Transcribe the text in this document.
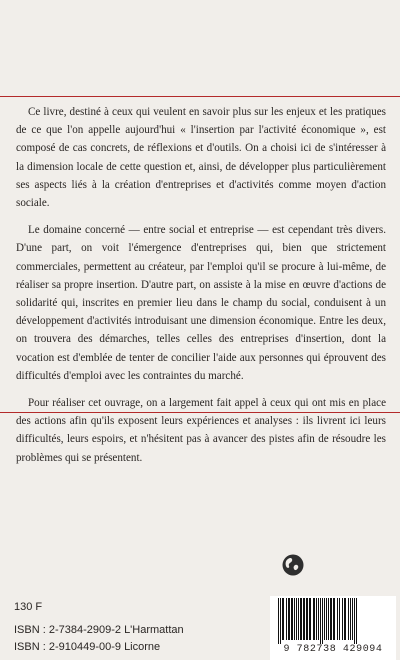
Ce livre, destiné à ceux qui veulent en savoir plus sur les enjeux et les pratiques de ce que l'on appelle aujourd'hui « l'insertion par l'activité économique », est composé de cas concrets, de réflexions et d'outils. On a choisi ici de s'intéresser à la dimension locale de cette question et, ainsi, de développer plus particulièrement ses aspects liés à la création d'entreprises et d'activités comme moyen d'action sociale.

Le domaine concerné — entre social et entreprise — est cependant très divers. D'une part, on voit l'émergence d'entreprises qui, bien que strictement commerciales, permettent au créateur, par l'emploi qu'il se procure à lui-même, de réaliser sa propre insertion. D'autre part, on assiste à la mise en œuvre d'actions de solidarité qui, inscrites en premier lieu dans le champ du social, conduisent à un développement d'activités introduisant une dimension économique. Entre les deux, on trouvera des démarches, telles celles des entreprises d'insertion, dont la vocation est d'emblée de tenter de concilier l'aide aux personnes qui éprouvent des difficultés d'emploi avec les contraintes du marché.

Pour réaliser cet ouvrage, on a largement fait appel à ceux qui ont mis en place des actions afin qu'ils exposent leurs expériences et analyses : ils livrent ici leurs difficultés, leurs espoirs, et n'hésitent pas à avancer des pistes afin de résoudre les problèmes qui se présentent.

130 F
ISBN : 2-7384-2909-2 L'Harmattan
ISBN : 2-910449-00-9 Licorne	9 782738 429094
